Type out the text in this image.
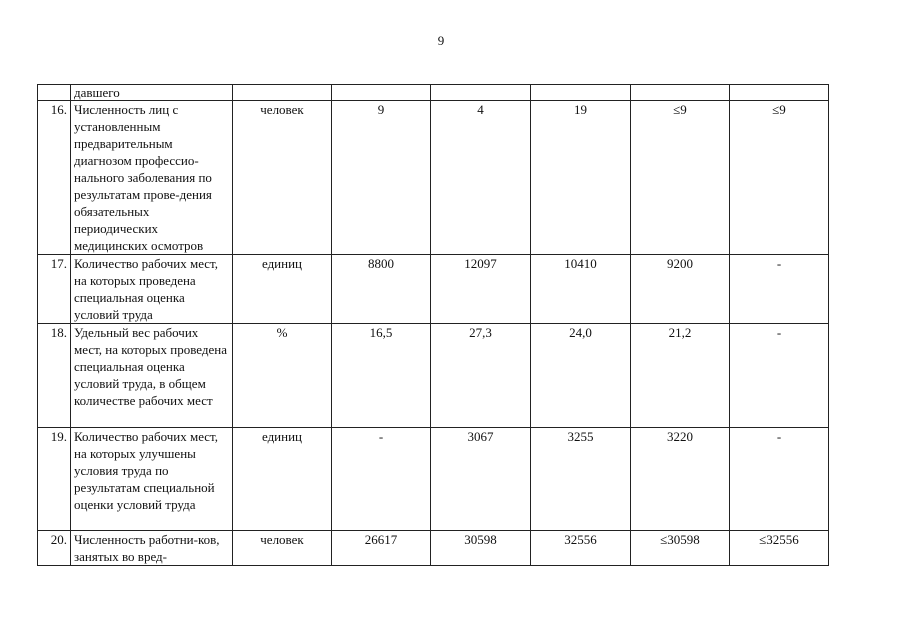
9
	давшего						
16.	Численность лиц с установленным предварительным диагнозом профессио-нального заболевания по результатам прове-дения обязательных периодических медицинских осмотров	человек	9	4	19	≤9	≤9
17.	Количество рабочих мест, на которых проведена специальная оценка условий труда	единиц	8800	12097	10410	9200	-
18.	Удельный вес рабочих мест, на которых проведена специальная оценка условий труда, в общем количестве рабочих мест	%	16,5	27,3	24,0	21,2	-
19.	Количество рабочих мест, на которых улучшены условия труда по результатам специальной оценки условий труда	единиц	-	3067	3255	3220	-
20.	Численность работни-ков, занятых во вред-	человек	26617	30598	32556	≤30598	≤32556
